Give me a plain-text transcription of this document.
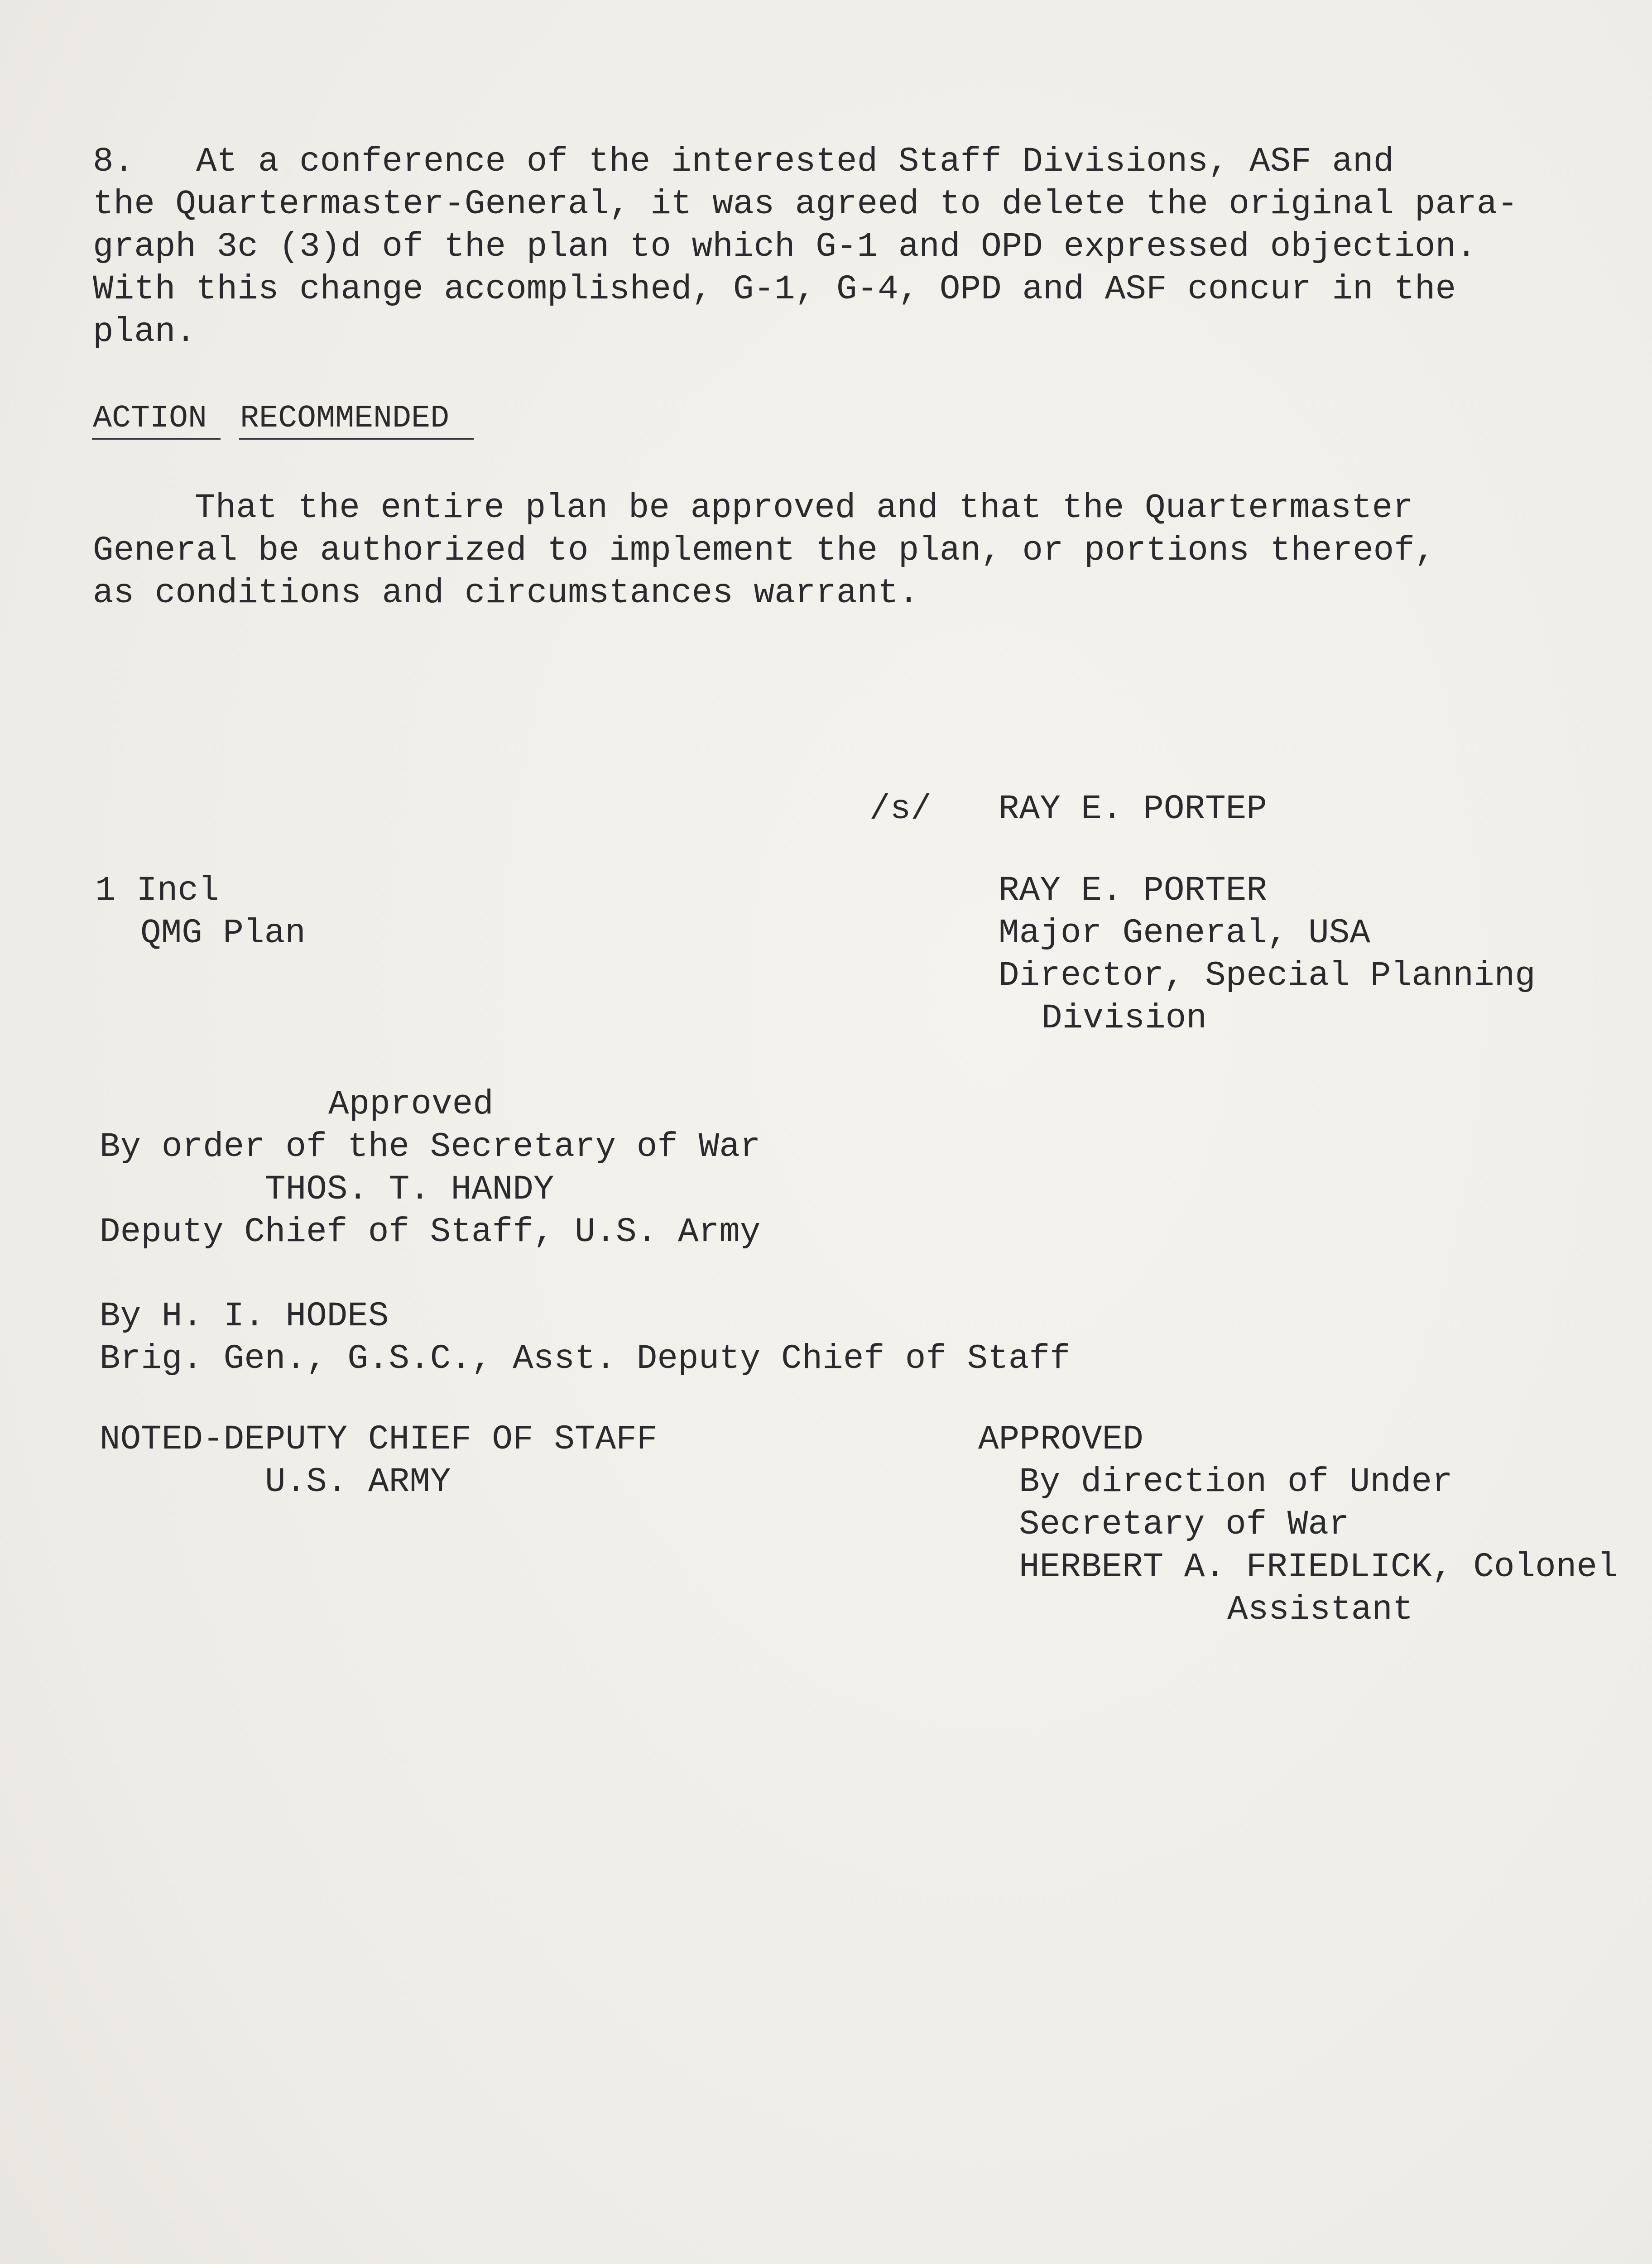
8.   At a conference of the interested Staff Divisions, ASF and
the Quartermaster-General, it was agreed to delete the original para-
graph 3c (3)d of the plan to which G-1 and OPD expressed objection.
With this change accomplished, G-1, G-4, OPD and ASF concur in the
plan.
ACTION RECOMMENDED
That the entire plan be approved and that the Quartermaster
General be authorized to implement the plan, or portions thereof,
as conditions and circumstances warrant.
/s/ RAY E. PORTEP
1 Incl
QMG Plan
RAY E. PORTER
Major General, USA
Director, Special Planning
Division
Approved
By order of the Secretary of War
THOS. T. HANDY
Deputy Chief of Staff, U.S. Army
By H. I. HODES
Brig. Gen., G.S.C., Asst. Deputy Chief of Staff
NOTED-DEPUTY CHIEF OF STAFF
U.S. ARMY
APPROVED
By direction of Under
Secretary of War
HERBERT A. FRIEDLICK, Colonel
Assistant
